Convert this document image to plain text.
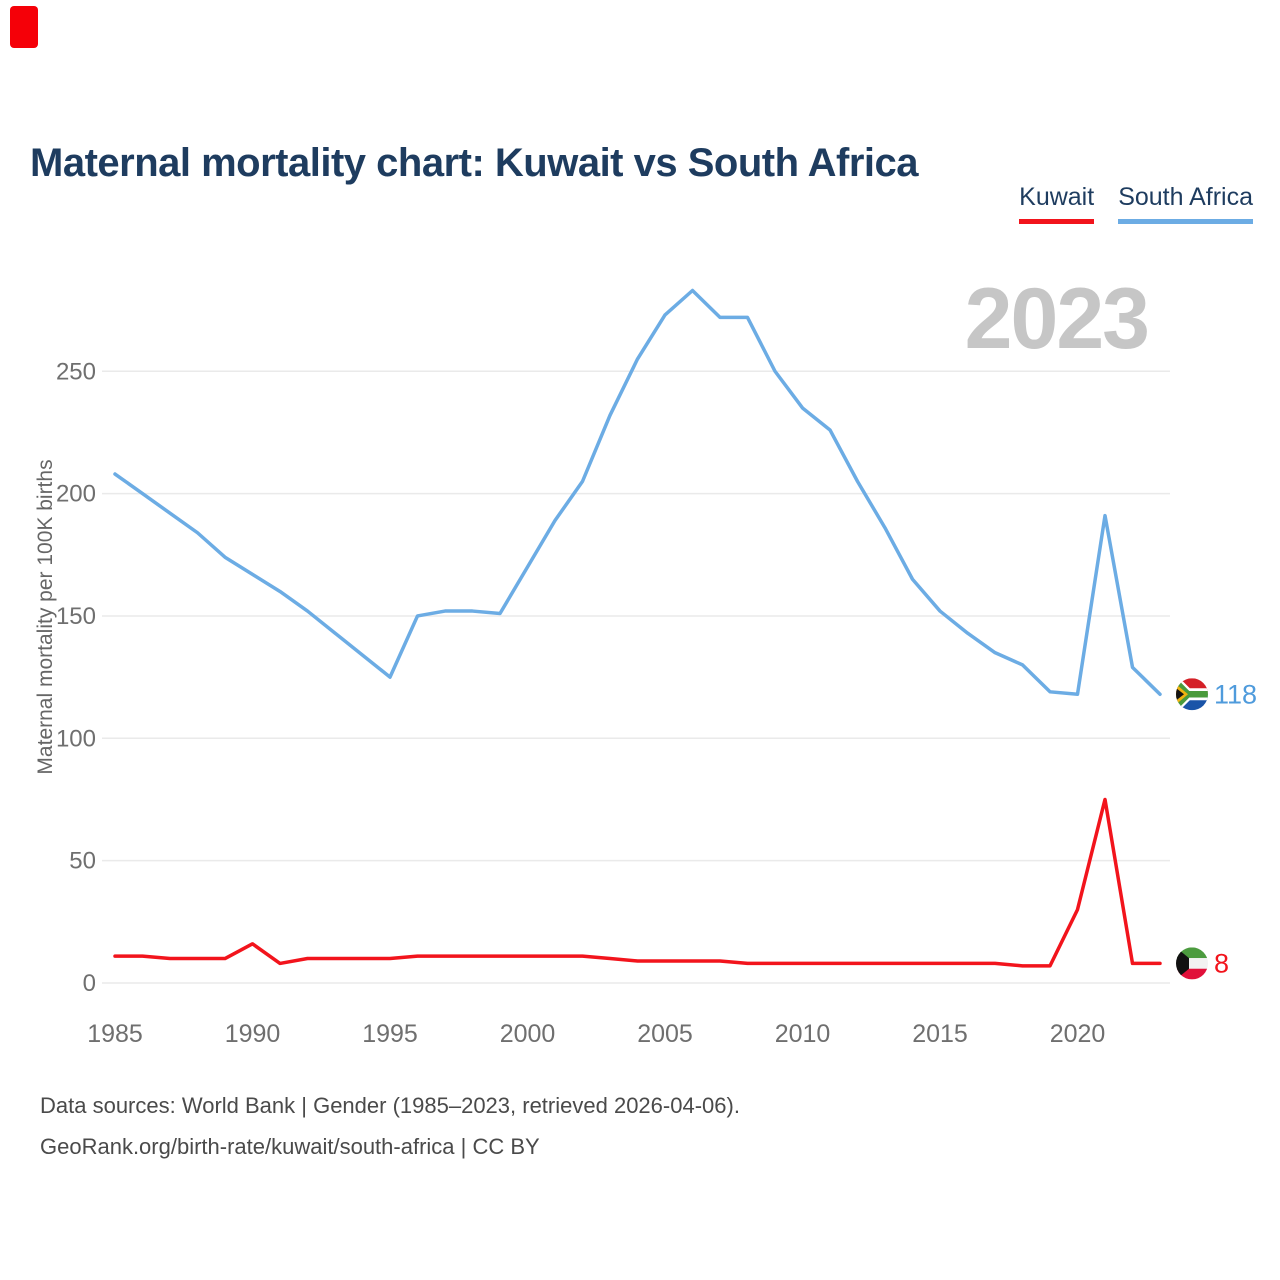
Maternal mortality chart: Kuwait vs South Africa
Kuwait South Africa
0
50
100
150
200
250
1985	1990	1995	2000	2005	2010	2015	2020
Maternal mortality per 100K births
2023
118
8
Data sources: World Bank | Gender (1985–2023, retrieved 2026-04-06).
GeoRank.org/birth-rate/kuwait/south-africa | CC BY
